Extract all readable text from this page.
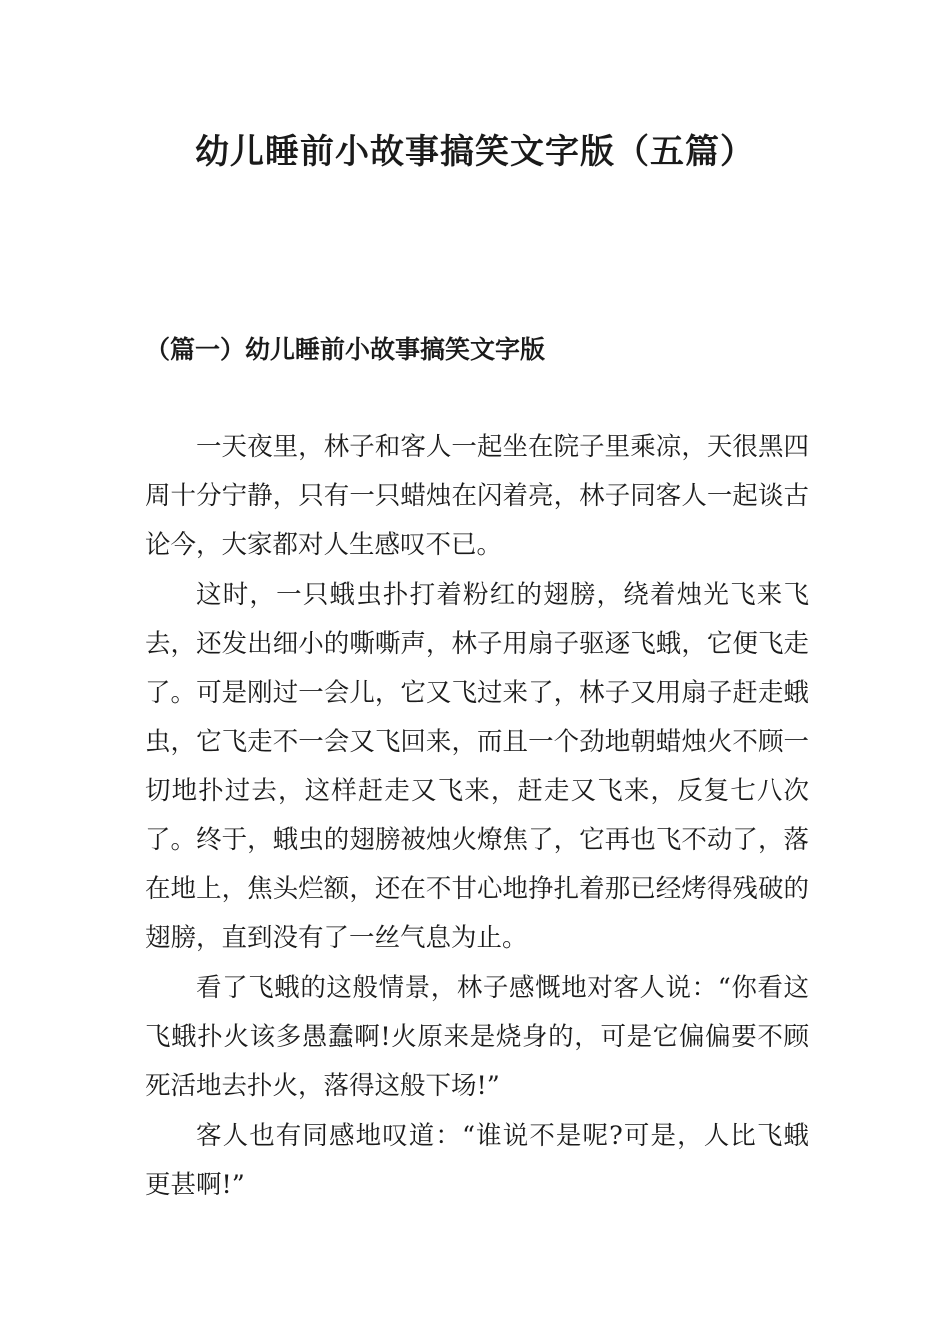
幼儿睡前小故事搞笑文字版（五篇）
（篇一）幼儿睡前小故事搞笑文字版

一天夜里，林子和客人一起坐在院子里乘凉，天很黑四周十分宁静，只有一只蜡烛在闪着亮，林子同客人一起谈古论今，大家都对人生感叹不已。

这时，一只蛾虫扑打着粉红的翅膀，绕着烛光飞来飞去，还发出细小的嘶嘶声，林子用扇子驱逐飞蛾，它便飞走了。可是刚过一会儿，它又飞过来了，林子又用扇子赶走蛾虫，它飞走不一会又飞回来，而且一个劲地朝蜡烛火不顾一切地扑过去，这样赶走又飞来，赶走又飞来，反复七八次了。终于，蛾虫的翅膀被烛火燎焦了，它再也飞不动了，落在地上，焦头烂额，还在不甘心地挣扎着那已经烤得残破的翅膀，直到没有了一丝气息为止。

看了飞蛾的这般情景，林子感慨地对客人说：“你看这飞蛾扑火该多愚蠢啊!火原来是烧身的，可是它偏偏要不顾死活地去扑火，落得这般下场!”

客人也有同感地叹道：“谁说不是呢?可是，人比飞蛾更甚啊!”
